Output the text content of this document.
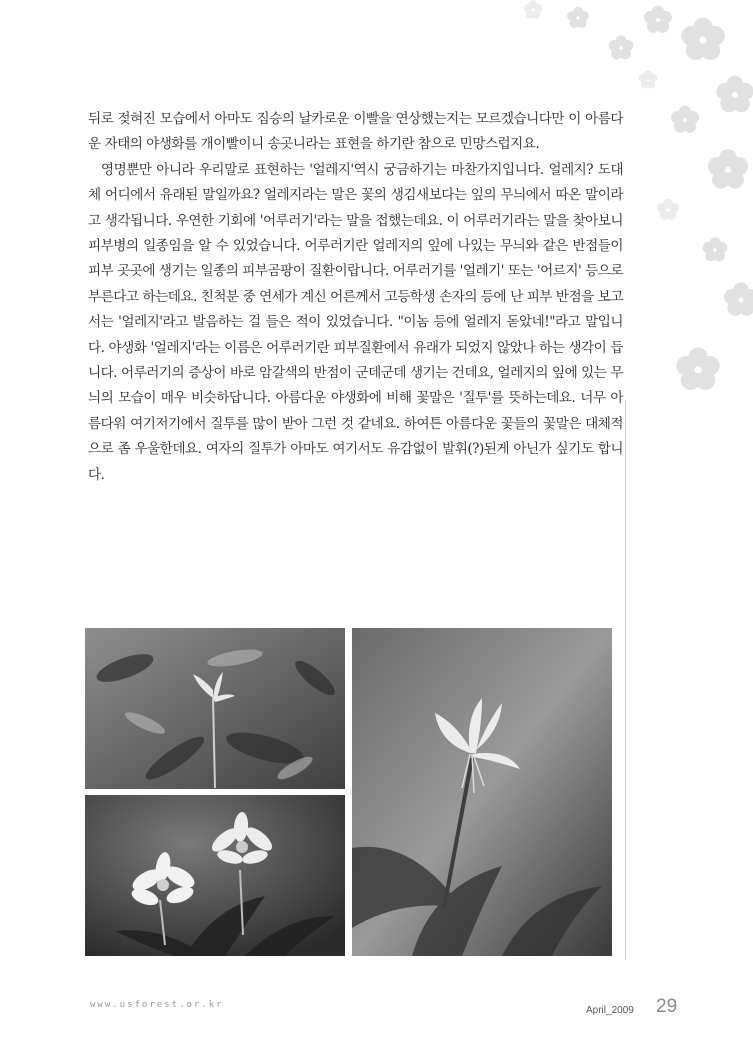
뒤로 젖혀진 모습에서 아마도 짐승의 날카로운 이빨을 연상했는지는 모르겠습니다만 이 아름다운 자태의 야생화를 개이빨이니 송곳니라는 표현을 하기란 참으로 민망스럽지요.

영명뿐만 아니라 우리말로 표현하는 '얼레지'역시 궁금하기는 마찬가지입니다. 얼레지? 도대체 어디에서 유래된 말일까요? 얼레지라는 말은 꽃의 생김새보다는 잎의 무늬에서 따온 말이라고 생각됩니다. 우연한 기회에 '어루러기'라는 말을 접했는데요. 이 어루러기라는 말을 찾아보니 피부병의 일종임을 알 수 있었습니다. 어루러기란 얼레지의 잎에 나있는 무늬와 같은 반점들이 피부 곳곳에 생기는 일종의 피부곰팡이 질환이랍니다. 어루러기를 '얼레기' 또는 '어르지' 등으로 부른다고 하는데요. 친척분 중 연세가 계신 어른께서 고등학생 손자의 등에 난 피부 반점을 보고서는 '얼레지'라고 발음하는 걸 들은 적이 있었습니다. "이놈 등에 얼레지 돋았네!"라고 말입니다. 야생화 '얼레지'라는 이름은 어루러기란 피부질환에서 유래가 되었지 않았나 하는 생각이 듭니다. 어루러기의 증상이 바로 암갈색의 반점이 군데군데 생기는 건데요, 얼레지의 잎에 있는 무늬의 모습이 매우 비슷하답니다. 아름다운 야생화에 비해 꽃말은 '질투'를 뜻하는데요. 너무 아름다워 여기저기에서 질투를 많이 받아 그런 것 같네요. 하여튼 아름다운 꽃들의 꽃말은 대체적으로 좀 우울한데요. 여자의 질투가 아마도 여기서도 유감없이 발휘(?)된게 아닌가 싶기도 합니다.

www.usforest.or.kr	April_2009 29
